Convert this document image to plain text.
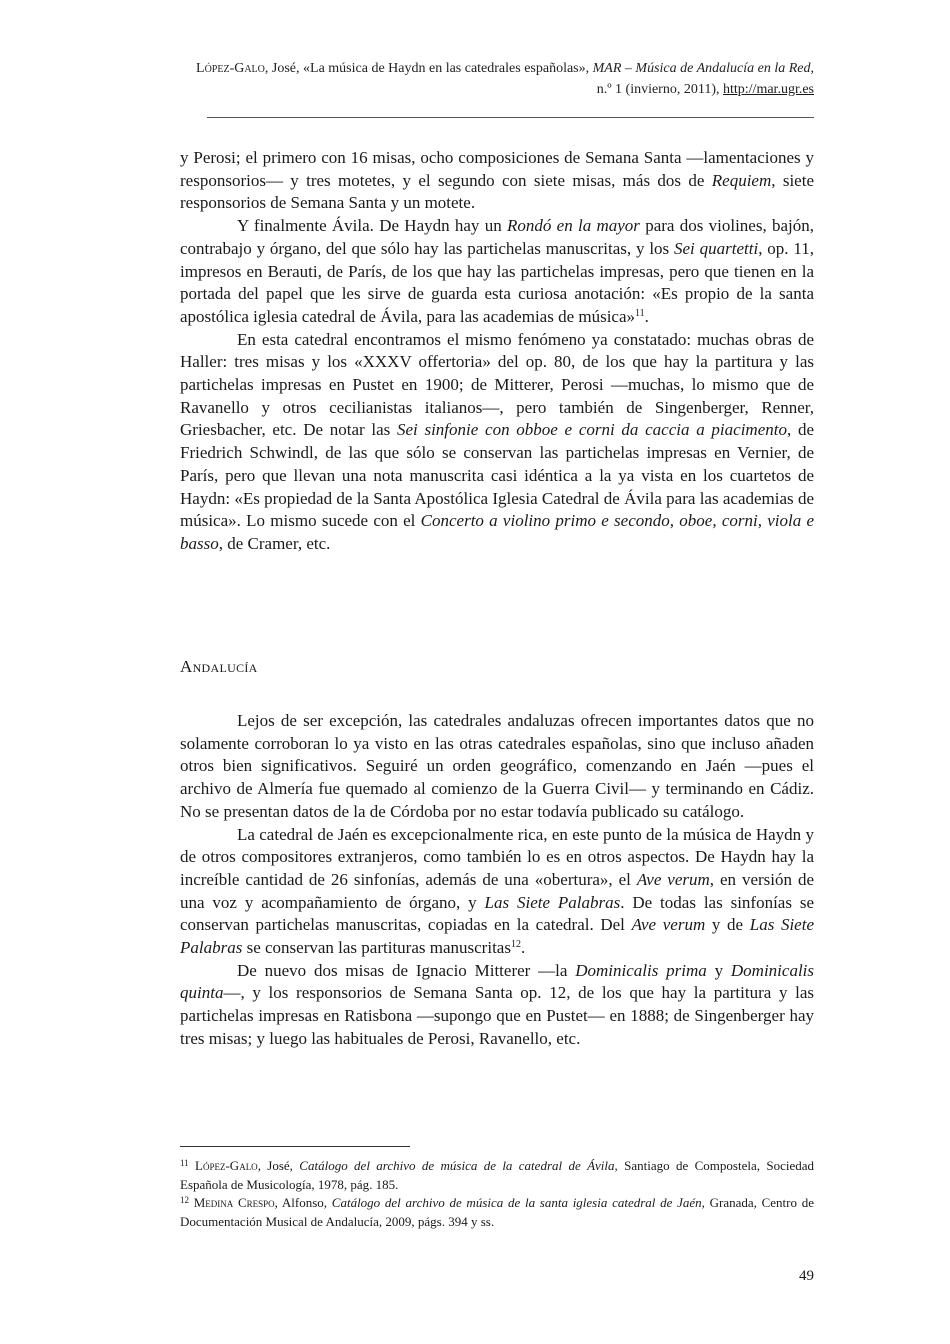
López-Galo, José, «La música de Haydn en las catedrales españolas», MAR – Música de Andalucía en la Red, n.º 1 (invierno, 2011), http://mar.ugr.es

y Perosi; el primero con 16 misas, ocho composiciones de Semana Santa —lamentaciones y responsorios— y tres motetes, y el segundo con siete misas, más dos de Requiem, siete responsorios de Semana Santa y un motete.

Y finalmente Ávila. De Haydn hay un Rondó en la mayor para dos violines, bajón, contrabajo y órgano, del que sólo hay las partichelas manuscritas, y los Sei quartetti, op. 11, impresos en Berauti, de París, de los que hay las partichelas impresas, pero que tienen en la portada del papel que les sirve de guarda esta curiosa anotación: «Es propio de la santa apostólica iglesia catedral de Ávila, para las academias de música»$^{11}$.

En esta catedral encontramos el mismo fenómeno ya constatado: muchas obras de Haller: tres misas y los «XXXV offertoria» del op. 80, de los que hay la partitura y las partichelas impresas en Pustet en 1900; de Mitterer, Perosi —muchas, lo mismo que de Ravanello y otros cecilianistas italianos—, pero también de Singenberger, Renner, Griesbacher, etc. De notar las Sei sinfonie con obboe e corni da caccia a piacimento, de Friedrich Schwindl, de las que sólo se conservan las partichelas impresas en Vernier, de París, pero que llevan una nota manuscrita casi idéntica a la ya vista en los cuartetos de Haydn: «Es propiedad de la Santa Apostólica Iglesia Catedral de Ávila para las academias de música». Lo mismo sucede con el Concerto a violino primo e secondo, oboe, corni, viola e basso, de Cramer, etc.

Andalucía

Lejos de ser excepción, las catedrales andaluzas ofrecen importantes datos que no solamente corroboran lo ya visto en las otras catedrales españolas, sino que incluso añaden otros bien significativos. Seguiré un orden geográfico, comenzando en Jaén —pues el archivo de Almería fue quemado al comienzo de la Guerra Civil— y terminando en Cádiz. No se presentan datos de la de Córdoba por no estar todavía publicado su catálogo.

La catedral de Jaén es excepcionalmente rica, en este punto de la música de Haydn y de otros compositores extranjeros, como también lo es en otros aspectos. De Haydn hay la increíble cantidad de 26 sinfonías, además de una «obertura», el Ave verum, en versión de una voz y acompañamiento de órgano, y Las Siete Palabras. De todas las sinfonías se conservan partichelas manuscritas, copiadas en la catedral. Del Ave verum y de Las Siete Palabras se conservan las partituras manuscritas$^{12}$.

De nuevo dos misas de Ignacio Mitterer —la Dominicalis prima y Dominicalis quinta—, y los responsorios de Semana Santa op. 12, de los que hay la partitura y las partichelas impresas en Ratisbona —supongo que en Pustet— en 1888; de Singenberger hay tres misas; y luego las habituales de Perosi, Ravanello, etc.

$^{11}$ López-Galo, José, Catálogo del archivo de música de la catedral de Ávila, Santiago de Compostela, Sociedad Española de Musicología, 1978, pág. 185.

$^{12}$ Medina Crespo, Alfonso, Catálogo del archivo de música de la santa iglesia catedral de Jaén, Granada, Centro de Documentación Musical de Andalucía, 2009, págs. 394 y ss.

49
